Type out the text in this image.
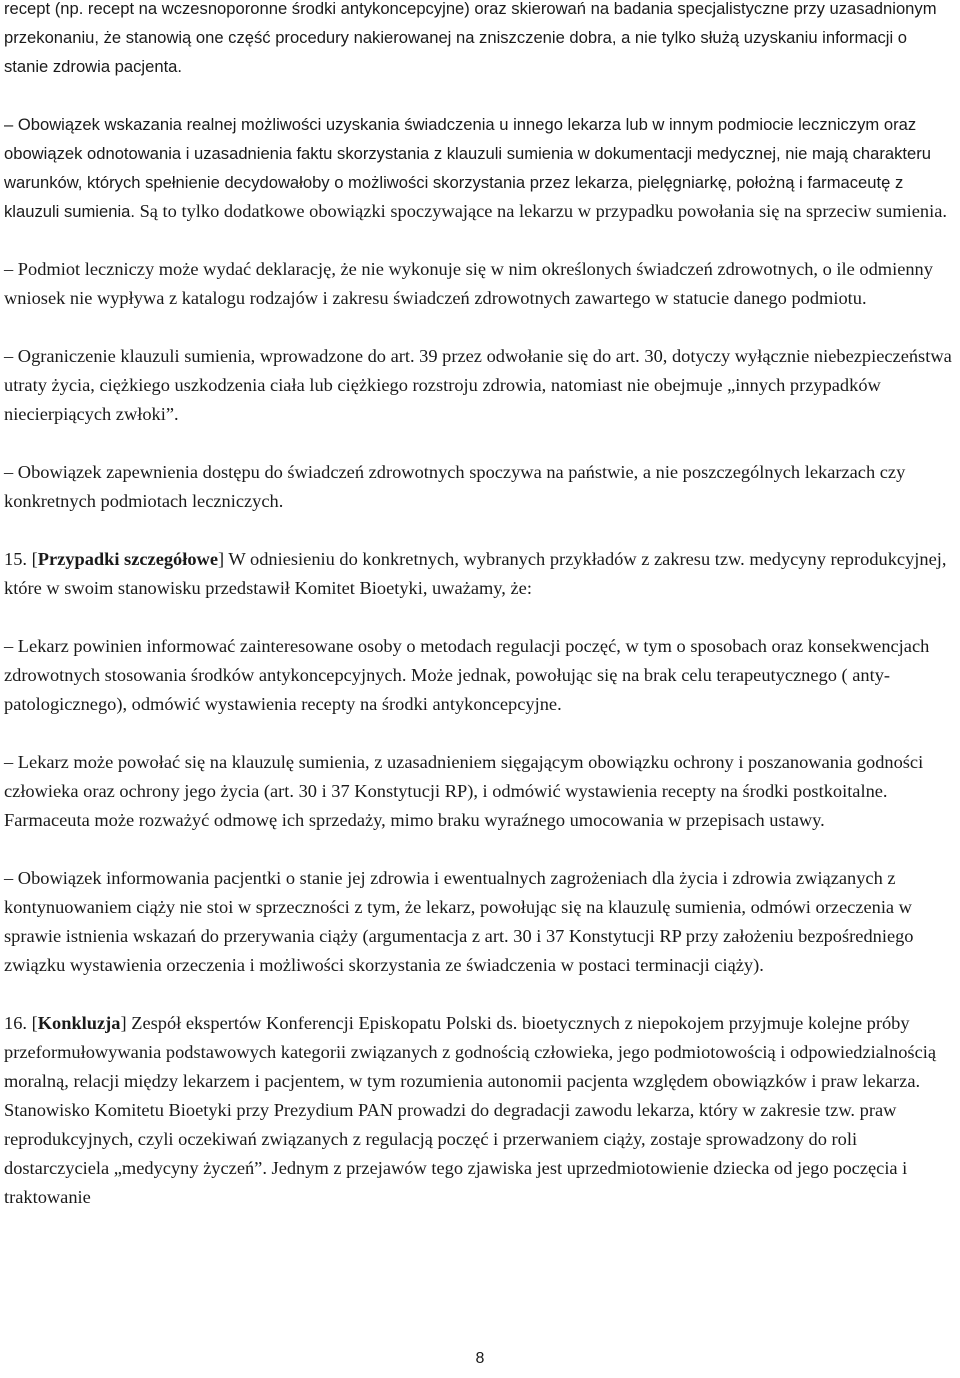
recept (np. recept na wczesnoporonne środki antykoncepcyjne) oraz skierowań na badania specjalistyczne przy uzasadnionym przekonaniu, że stanowią one część procedury nakierowanej na zniszczenie dobra, a nie tylko służą uzyskaniu informacji o stanie zdrowia pacjenta.

– Obowiązek wskazania realnej możliwości uzyskania świadczenia u innego lekarza lub w innym podmiocie leczniczym oraz obowiązek odnotowania i uzasadnienia faktu skorzystania z klauzuli sumienia w dokumentacji medycznej, nie mają charakteru warunków, których spełnienie decydowałoby o możliwości skorzystania przez lekarza, pielęgniarkę, położną i farmaceutę z klauzuli sumienia. Są to tylko dodatkowe obowiązki spoczywające na lekarzu w przypadku powołania się na sprzeciw sumienia.

– Podmiot leczniczy może wydać deklarację, że nie wykonuje się w nim określonych świadczeń zdrowotnych, o ile odmienny wniosek nie wypływa z katalogu rodzajów i zakresu świadczeń zdrowotnych zawartego w statucie danego podmiotu.

– Ograniczenie klauzuli sumienia, wprowadzone do art. 39 przez odwołanie się do art. 30, dotyczy wyłącznie niebezpieczeństwa utraty życia, ciężkiego uszkodzenia ciała lub ciężkiego rozstroju zdrowia, natomiast nie obejmuje „innych przypadków niecierpiących zwłoki”.

– Obowiązek zapewnienia dostępu do świadczeń zdrowotnych spoczywa na państwie, a nie poszczególnych lekarzach czy konkretnych podmiotach leczniczych.

15. [Przypadki szczegółowe] W odniesieniu do konkretnych, wybranych przykładów z zakresu tzw. medycyny reprodukcyjnej, które w swoim stanowisku przedstawił Komitet Bioetyki, uważamy, że:

– Lekarz powinien informować zainteresowane osoby o metodach regulacji poczęć, w tym o sposobach oraz konsekwencjach zdrowotnych stosowania środków antykoncepcyjnych. Może jednak, powołując się na brak celu terapeutycznego ( anty-patologicznego), odmówić wystawienia recepty na środki antykoncepcyjne.

– Lekarz może powołać się na klauzulę sumienia, z uzasadnieniem sięgającym obowiązku ochrony i poszanowania godności człowieka oraz ochrony jego życia (art. 30 i 37 Konstytucji RP), i odmówić wystawienia recepty na środki postkoitalne. Farmaceuta może rozważyć odmowę ich sprzedaży, mimo braku wyraźnego umocowania w przepisach ustawy.

– Obowiązek informowania pacjentki o stanie jej zdrowia i ewentualnych zagrożeniach dla życia i zdrowia związanych z kontynuowaniem ciąży nie stoi w sprzeczności z tym, że lekarz, powołując się na klauzulę sumienia, odmówi orzeczenia w sprawie istnienia wskazań do przerywania ciąży (argumentacja z art. 30 i 37 Konstytucji RP przy założeniu bezpośredniego związku wystawienia orzeczenia i możliwości skorzystania ze świadczenia w postaci terminacji ciąży).

16. [Konkluzja] Zespół ekspertów Konferencji Episkopatu Polski ds. bioetycznych z niepokojem przyjmuje kolejne próby przeformułowywania podstawowych kategorii związanych z godnością człowieka, jego podmiotowością i odpowiedzialnością moralną, relacji między lekarzem i pacjentem, w tym rozumienia autonomii pacjenta względem obowiązków i praw lekarza. Stanowisko Komitetu Bioetyki przy Prezydium PAN prowadzi do degradacji zawodu lekarza, który w zakresie tzw. praw reprodukcyjnych, czyli oczekiwań związanych z regulacją poczęć i przerwaniem ciąży, zostaje sprowadzony do roli dostarczyciela „medycyny życzeń”. Jednym z przejawów tego zjawiska jest uprzedmiotowienie dziecka od jego poczęcia i traktowanie

8
